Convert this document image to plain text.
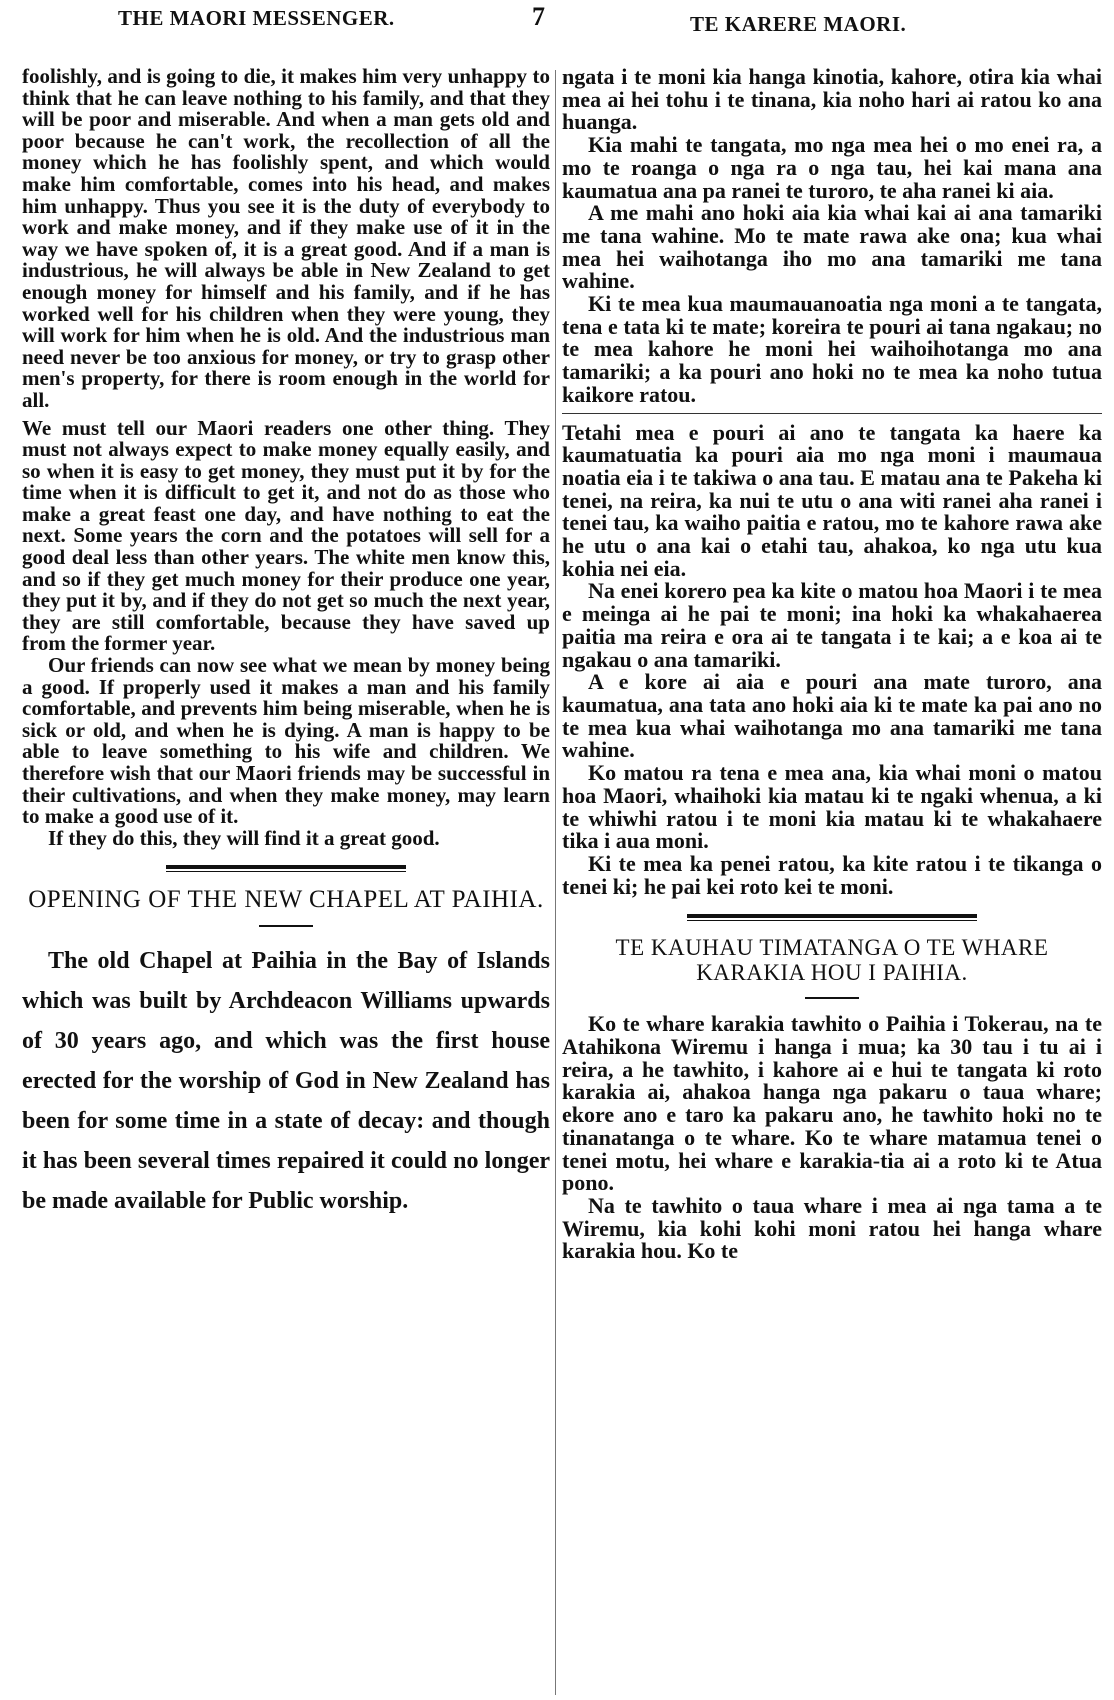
THE MAORI MESSENGER.	7	TE KARERE MAORI.

foolishly, and is going to die, it makes him very unhappy to think that he can leave nothing to his family, and that they will be poor and miserable. And when a man gets old and poor because he can't work, the recollection of all the money which he has foolishly spent, and which would make him comfortable, comes into his head, and makes him unhappy. Thus you see it is the duty of everybody to work and make money, and if they make use of it in the way we have spoken of, it is a great good. And if a man is industrious, he will always be able in New Zealand to get enough money for himself and his family, and if he has worked well for his children when they were young, they will work for him when he is old. And the industrious man need never be too anxious for money, or try to grasp other men's property, for there is room enough in the world for all.

We must tell our Maori readers one other thing. They must not always expect to make money equally easily, and so when it is easy to get money, they must put it by for the time when it is difficult to get it, and not do as those who make a great feast one day, and have nothing to eat the next. Some years the corn and the potatoes will sell for a good deal less than other years. The white men know this, and so if they get much money for their produce one year, they put it by, and if they do not get so much the next year, they are still comfortable, because they have saved up from the former year.

Our friends can now see what we mean by money being a good. If properly used it makes a man and his family comfortable, and prevents him being miserable, when he is sick or old, and when he is dying. A man is happy to be able to leave something to his wife and children. We therefore wish that our Maori friends may be successful in their cultivations, and when they make money, may learn to make a good use of it.

If they do this, they will find it a great good.

OPENING OF THE NEW CHAPEL AT PAIHIA.

The old Chapel at Paihia in the Bay of Islands which was built by Archdeacon Williams upwards of 30 years ago, and which was the first house erected for the worship of God in New Zealand has been for some time in a state of decay: and though it has been several times repaired it could no longer be made available for Public worship.

ngata i te moni kia hanga kinotia, kahore, otira kia whai mea ai hei tohu i te tinana, kia noho hari ai ratou ko ana huanga.

Kia mahi te tangata, mo nga mea hei o mo enei ra, a mo te roanga o nga ra o nga tau, hei kai mana ana kaumatua ana pa ranei te turoro, te aha ranei ki aia.

A me mahi ano hoki aia kia whai kai ai ana tamariki me tana wahine. Mo te mate rawa ake ona; kua whai mea hei waihotanga iho mo ana tamariki me tana wahine.

Ki te mea kua maumauanoatia nga moni a te tangata, tena e tata ki te mate; koreira te pouri ai tana ngakau; no te mea kahore he moni hei waihoihotanga mo ana tamariki; a ka pouri ano hoki no te mea ka noho tutua kaikore ratou.

Tetahi mea e pouri ai ano te tangata ka haere ka kaumatuatia ka pouri aia mo nga moni i maumaua noatia eia i te takiwa o ana tau. E matau ana te Pakeha ki tenei, na reira, ka nui te utu o ana witi ranei aha ranei i tenei tau, ka waiho paitia e ratou, mo te kahore rawa ake he utu o ana kai o etahi tau, ahakoa, ko nga utu kua kohia nei eia.

Na enei korero pea ka kite o matou hoa Maori i te mea e meinga ai he pai te moni; ina hoki ka whakahaerea paitia ma reira e ora ai te tangata i te kai; a e koa ai te ngakau o ana tamariki.

A e kore ai aia e pouri ana mate turoro, ana kaumatua, ana tata ano hoki aia ki te mate ka pai ano no te mea kua whai waihotanga mo ana tamariki me tana wahine.

Ko matou ra tena e mea ana, kia whai moni o matou hoa Maori, whaihoki kia matau ki te ngaki whenua, a ki te whiwhi ratou i te moni kia matau ki te whakahaere tika i aua moni.

Ki te mea ka penei ratou, ka kite ratou i te tikanga o tenei ki; he pai kei roto kei te moni.

TE KAUHAU TIMATANGA O TE WHARE KARAKIA HOU I PAIHIA.

Ko te whare karakia tawhito o Paihia i Tokerau, na te Atahikona Wiremu i hanga i mua; ka 30 tau i tu ai i reira, a he tawhito, i kahore ai e hui te tangata ki roto karakia ai, ahakoa hanga nga pakaru o taua whare; ekore ano e taro ka pakaru ano, he tawhito hoki no te tinanatanga o te whare. Ko te whare matamua tenei o tenei motu, hei whare e karakia-tia ai a roto ki te Atua pono.

Na te tawhito o taua whare i mea ai nga tama a te Wiremu, kia kohi kohi moni ratou hei hanga whare karakia hou. Ko te
